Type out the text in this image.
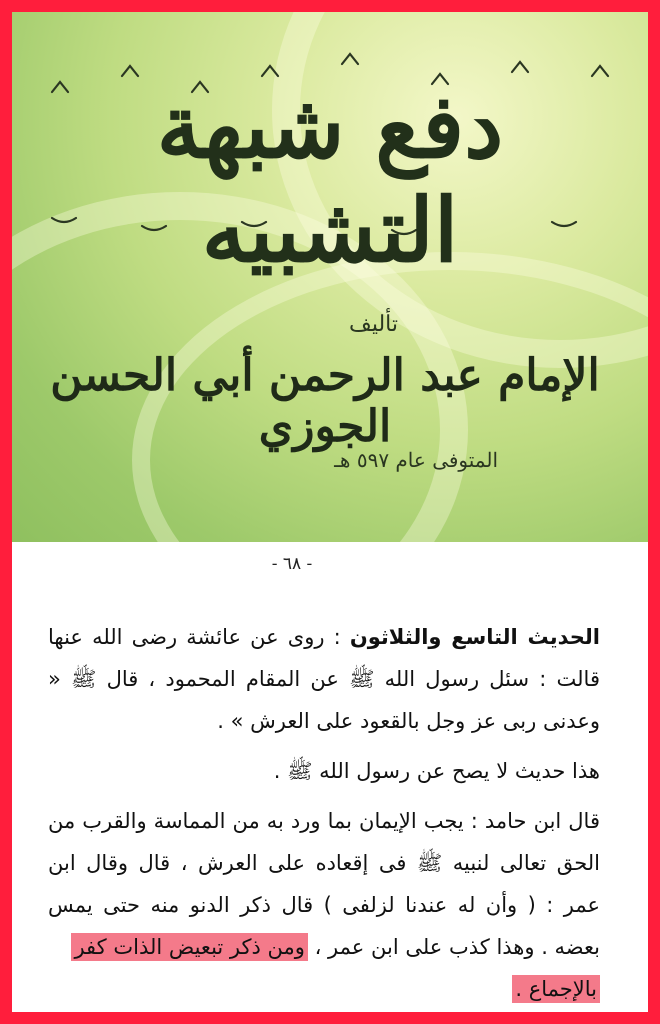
دفع شبهة التشبيه
تأليف
الإمام عبد الرحمن أبي الحسن الجوزي
المتوفى عام ٥٩٧ هـ
- ٦٨ -

الحديث التاسع والثلاثون : روى عن عائشة رضى الله عنها قالت : سئل رسول الله ﷺ عن المقام المحمود ، قال ﷺ « وعدنى ربى عز وجل بالقعود على العرش » .

هذا حديث لا يصح عن رسول الله ﷺ .

قال ابن حامد : يجب الإيمان بما ورد به من المماسة والقرب من الحق تعالى لنبيه ﷺ فى إقعاده على العرش ، قال وقال ابن عمر : ( وأن له عندنا لزلفى ) قال ذكر الدنو منه حتى يمس بعضه . وهذا كذب على ابن عمر ، ومن ذكر تبعيض الذات كفر
بالإجماع .
